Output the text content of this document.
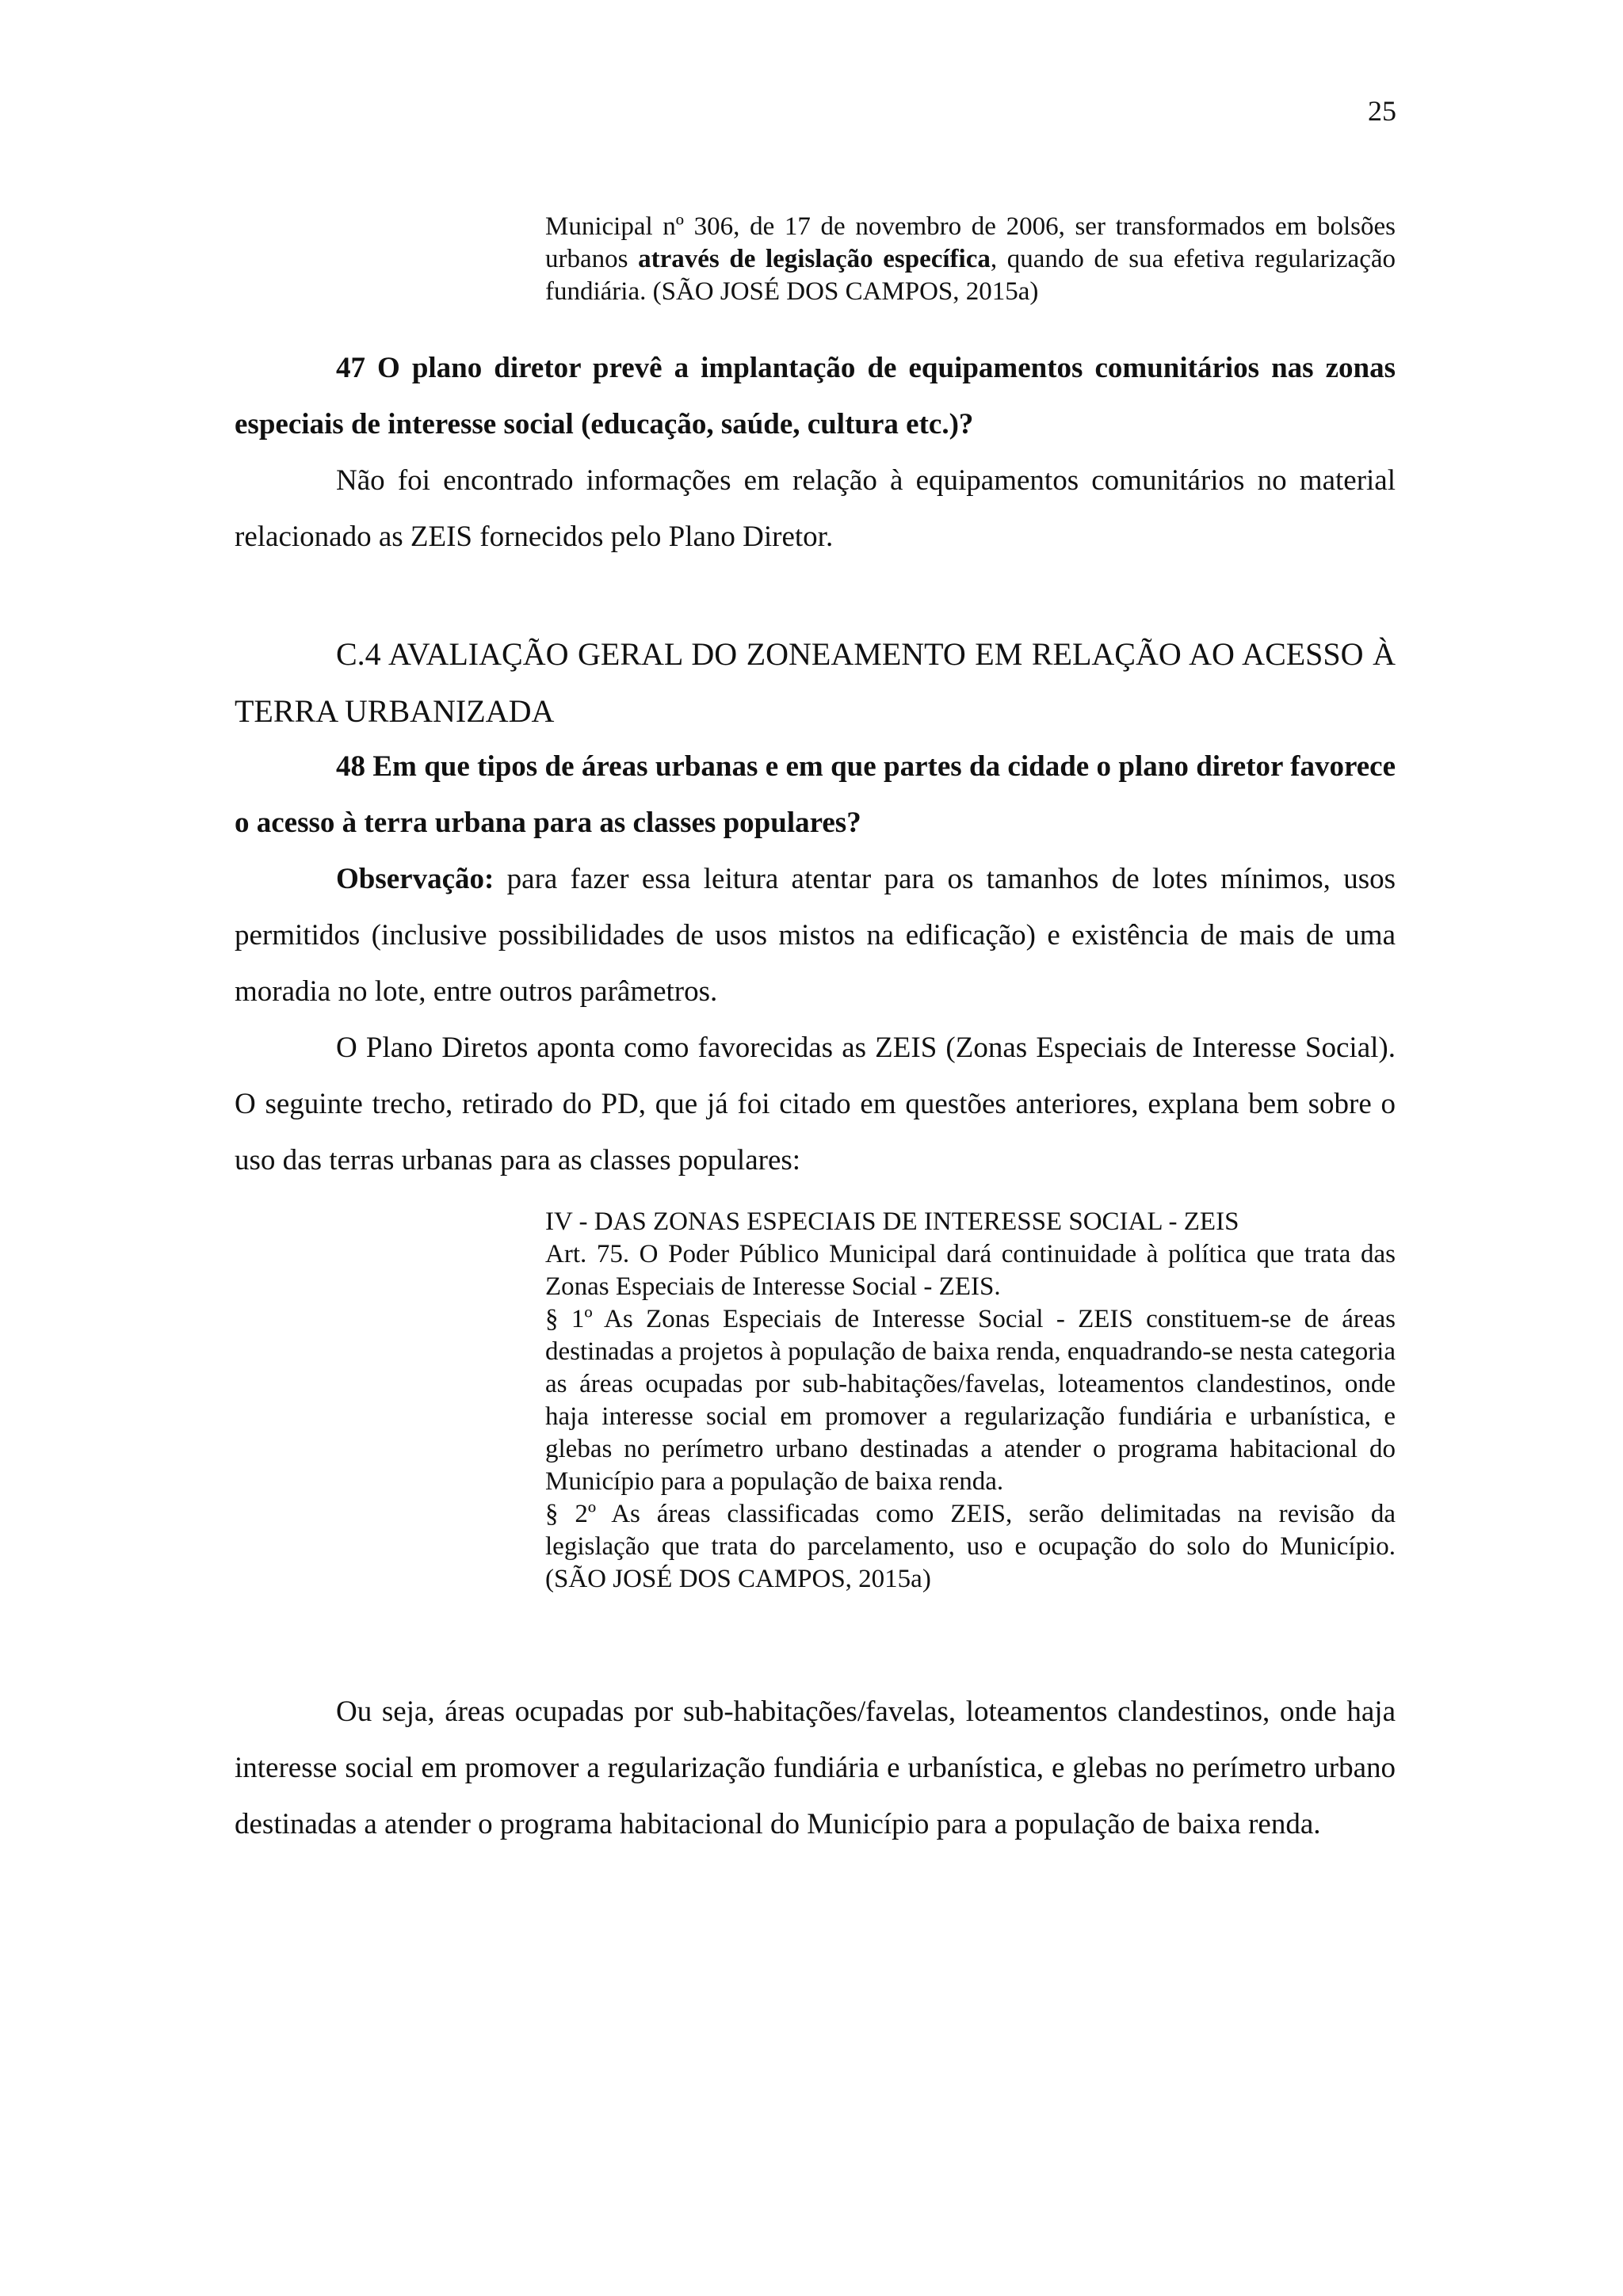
25

Municipal nº 306, de 17 de novembro de 2006, ser transformados em bolsões urbanos através de legislação específica, quando de sua efetiva regularização fundiária. (SÃO JOSÉ DOS CAMPOS, 2015a)

47 O plano diretor prevê a implantação de equipamentos comunitários nas zonas especiais de interesse social (educação, saúde, cultura etc.)?

Não foi encontrado informações em relação à equipamentos comunitários no material relacionado as ZEIS fornecidos pelo Plano Diretor.

C.4 AVALIAÇÃO GERAL DO ZONEAMENTO EM RELAÇÃO AO ACESSO À TERRA URBANIZADA

48 Em que tipos de áreas urbanas e em que partes da cidade o plano diretor favorece o acesso à terra urbana para as classes populares?

Observação: para fazer essa leitura atentar para os tamanhos de lotes mínimos, usos permitidos (inclusive possibilidades de usos mistos na edificação) e existência de mais de uma moradia no lote, entre outros parâmetros.

O Plano Diretos aponta como favorecidas as ZEIS (Zonas Especiais de Interesse Social). O seguinte trecho, retirado do PD, que já foi citado em questões anteriores, explana bem sobre o uso das terras urbanas para as classes populares:

IV - DAS ZONAS ESPECIAIS DE INTERESSE SOCIAL - ZEIS

Art. 75. O Poder Público Municipal dará continuidade à política que trata das Zonas Especiais de Interesse Social - ZEIS.

§ 1º As Zonas Especiais de Interesse Social - ZEIS constituem-se de áreas destinadas a projetos à população de baixa renda, enquadrando-se nesta categoria as áreas ocupadas por sub-habitações/favelas, loteamentos clandestinos, onde haja interesse social em promover a regularização fundiária e urbanística, e glebas no perímetro urbano destinadas a atender o programa habitacional do Município para a população de baixa renda.

§ 2º As áreas classificadas como ZEIS, serão delimitadas na revisão da legislação que trata do parcelamento, uso e ocupação do solo do Município. (SÃO JOSÉ DOS CAMPOS, 2015a)

Ou seja, áreas ocupadas por sub-habitações/favelas, loteamentos clandestinos, onde haja interesse social em promover a regularização fundiária e urbanística, e glebas no perímetro urbano destinadas a atender o programa habitacional do Município para a população de baixa renda.
